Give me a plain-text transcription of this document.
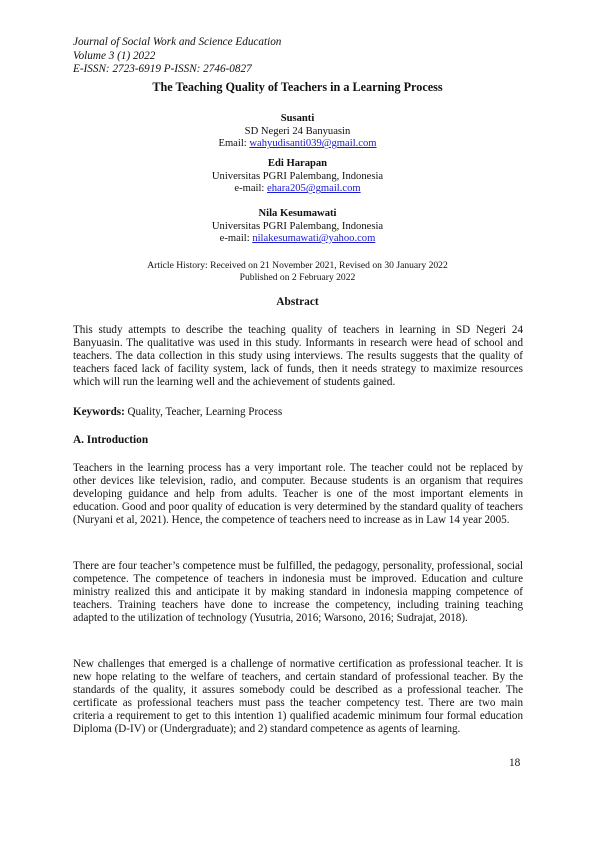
Journal of Social Work and Science Education
Volume 3 (1) 2022
E-ISSN: 2723-6919 P-ISSN: 2746-0827
The Teaching Quality of Teachers in a Learning Process
Susanti
SD Negeri 24 Banyuasin
Email: wahyudisanti039@gmail.com
Edi Harapan
Universitas PGRI Palembang, Indonesia
e-mail: ehara205@gmail.com
Nila Kesumawati
Universitas PGRI Palembang, Indonesia
e-mail: nilakesumawati@yahoo.com
Article History: Received on 21 November 2021, Revised on 30 January 2022
Published on 2 February 2022
Abstract
This study attempts to describe the teaching quality of teachers in learning in SD Negeri 24 Banyuasin. The qualitative was used in this study. Informants in research were head of school and teachers. The data collection in this study using interviews. The results suggests that the quality of teachers faced lack of facility system, lack of funds, then it needs strategy to maximize resources which will run the learning well and the achievement of students gained.
Keywords: Quality, Teacher, Learning Process
A. Introduction
Teachers in the learning process has a very important role. The teacher could not be replaced by other devices like television, radio, and computer. Because students is an organism that requires developing guidance and help from adults. Teacher is one of the most important elements in education. Good and poor quality of education is very determined by the standard quality of teachers (Nuryani et al, 2021). Hence, the competence of teachers need to increase as in Law 14 year 2005.
There are four teacher’s competence must be fulfilled, the pedagogy, personality, professional, social competence. The competence of teachers in indonesia must be improved. Education and culture ministry realized this and anticipate it by making standard in indonesia mapping competence of teachers. Training teachers have done to increase the competency, including training teaching adapted to the utilization of technology (Yusutria, 2016; Warsono, 2016; Sudrajat, 2018).
New challenges that emerged is a challenge of normative certification as professional teacher. It is new hope relating to the welfare of teachers, and certain standard of professional teacher. By the standards of the quality, it assures somebody could be described as a professional teacher. The certificate as professional teachers must pass the teacher competency test. There are two main criteria a requirement to get to this intention 1) qualified academic minimum four formal education Diploma (D-IV) or (Undergraduate); and 2) standard competence as agents of learning.
18
